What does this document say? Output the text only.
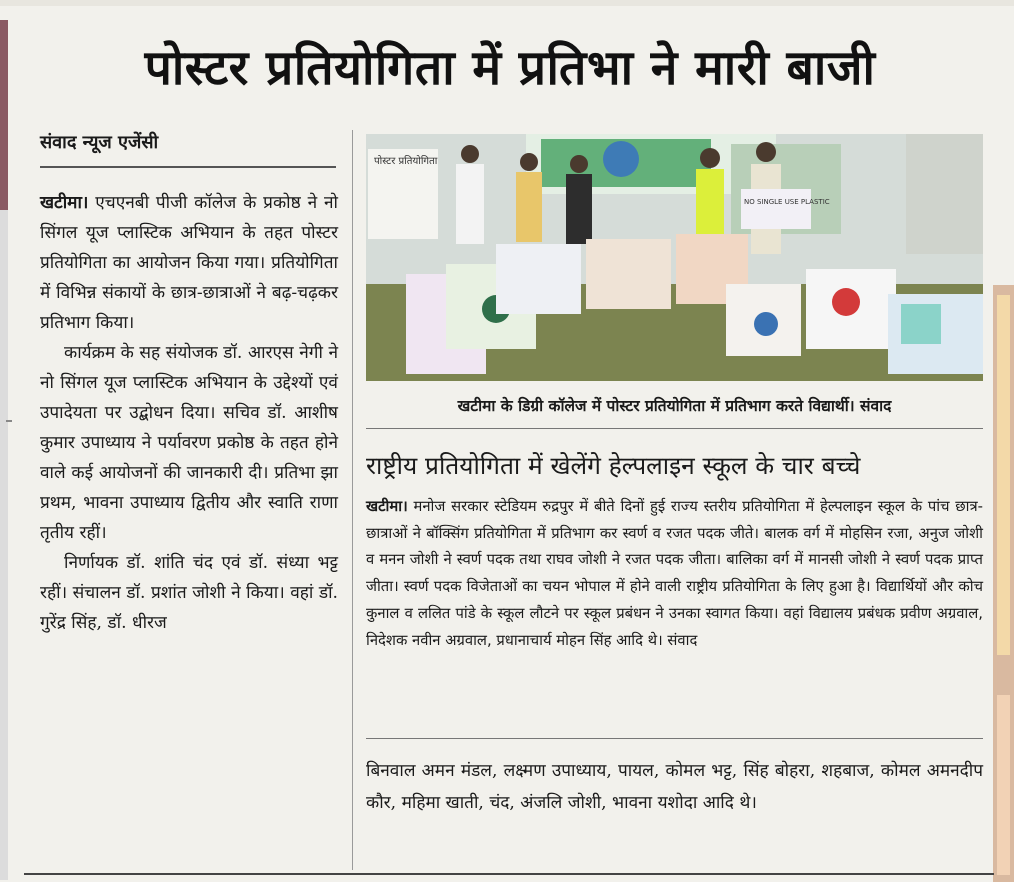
पोस्टर प्रतियोगिता में प्रतिभा ने मारी बाजी
संवाद न्यूज एजेंसी

खटीमा। एचएनबी पीजी कॉलेज के प्रकोष्ठ ने नो सिंगल यूज प्लास्टिक अभियान के तहत पोस्टर प्रतियोगिता का आयोजन किया गया। प्रतियोगिता में विभिन्न संकायों के छात्र-छात्राओं ने बढ़-चढ़कर प्रतिभाग किया।

कार्यक्रम के सह संयोजक डॉ. आरएस नेगी ने नो सिंगल यूज प्लास्टिक अभियान के उद्देश्यों एवं उपादेयता पर उद्बोधन दिया। सचिव डॉ. आशीष कुमार उपाध्याय ने पर्यावरण प्रकोष्ठ के तहत होने वाले कई आयोजनों की जानकारी दी। प्रतिभा झा प्रथम, भावना उपाध्याय द्वितीय और स्वाति राणा तृतीय रहीं।

निर्णायक डॉ. शांति चंद एवं डॉ. संध्या भट्ट रहीं। संचालन डॉ. प्रशांत जोशी ने किया। वहां डॉ. गुरेंद्र सिंह, डॉ. धीरज

पोस्टर प्रतियोगिता
NO SINGLE USE PLASTIC
खटीमा के डिग्री कॉलेज में पोस्टर प्रतियोगिता में प्रतिभाग करते विद्यार्थी। संवाद
राष्ट्रीय प्रतियोगिता में खेलेंगे हेल्पलाइन स्कूल के चार बच्चे

खटीमा। मनोज सरकार स्टेडियम रुद्रपुर में बीते दिनों हुई राज्य स्तरीय प्रतियोगिता में हेल्पलाइन स्कूल के पांच छात्र-छात्राओं ने बॉक्सिंग प्रतियोगिता में प्रतिभाग कर स्वर्ण व रजत पदक जीते। बालक वर्ग में मोहसिन रजा, अनुज जोशी व मनन जोशी ने स्वर्ण पदक तथा राघव जोशी ने रजत पदक जीता। बालिका वर्ग में मानसी जोशी ने स्वर्ण पदक प्राप्त जीता। स्वर्ण पदक विजेताओं का चयन भोपाल में होने वाली राष्ट्रीय प्रतियोगिता के लिए हुआ है। विद्यार्थियों और कोच कुनाल व ललित पांडे के स्कूल लौटने पर स्कूल प्रबंधन ने उनका स्वागत किया। वहां विद्यालय प्रबंधक प्रवीण अग्रवाल, निदेशक नवीन अग्रवाल, प्रधानाचार्य मोहन सिंह आदि थे। संवाद

बिनवाल अमन मंडल, लक्ष्मण उपाध्याय, पायल, कोमल भट्ट, सिंह बोहरा, शहबाज, कोमल अमनदीप कौर, महिमा खाती, चंद, अंजलि जोशी, भावना यशोदा आदि थे।
